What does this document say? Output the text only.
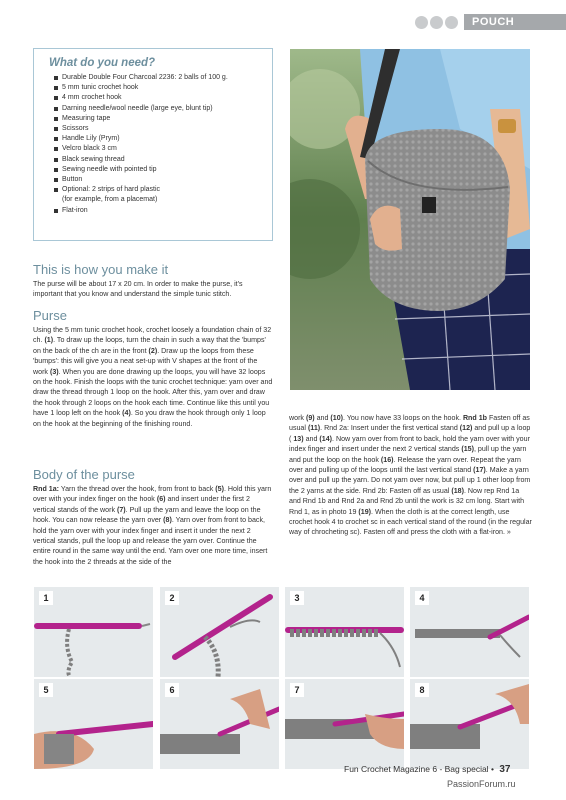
POUCH
What do you need?
Durable Double Four Charcoal 2236: 2 balls of 100 g.
5 mm tunic crochet hook
4 mm crochet hook
Darning needle/wool needle (large eye, blunt tip)
Measuring tape
Scissors
Handle Lily (Prym)
Velcro black 3 cm
Black sewing thread
Sewing needle with pointed tip
Button
Optional: 2 strips of hard plastic
(for example, from a placemat)
Flat-iron
This is how you make it
The purse will be about 17 x 20 cm. In order to make the purse, it's important that you know and understand the simple tunic stitch.
Purse
Using the 5 mm tunic crochet hook, crochet loosely a foundation chain of 32 ch. (1). To draw up the loops, turn the chain in such a way that the 'bumps' on the back of the ch are in the front (2). Draw up the loops from these 'bumps': this will give you a neat set-up with V shapes at the front of the work (3). When you are done drawing up the loops, you will have 32 loops on the hook. Finish the loops with the tunic crochet technique: yarn over and draw the thread through 1 loop on the hook. After this, yarn over and draw the hook through 2 loops on the hook each time. Continue like this until you have 1 loop left on the hook (4). So you draw the hook through only 1 loop on the hook at the beginning of the finishing round.
Body of the purse
Rnd 1a: Yarn the thread over the hook, from front to back (5). Hold this yarn over with your index finger on the hook (6) and insert under the first 2 vertical stands of the work (7). Pull up the yarn and leave the loop on the hook. You can now release the yarn over (8). Yarn over from front to back, hold the yarn over with your index finger and insert it under the next 2 vertical stands, pull the loop up and release the yarn over. Continue the entire round in the same way until the end. Yarn over one more time, insert the hook into the 2 threads at the side of the
work (9) and (10). You now have 33 loops on the hook. Rnd 1b Fasten off as usual (11). Rnd 2a: Insert under the first vertical stand (12) and pull up a loop ( 13) and (14). Now yarn over from front to back, hold the yarn over with your index finger and insert under the next 2 vertical stands (15), pull up the yarn and put the loop on the hook (16). Release the yarn over. Repeat the yarn over and pulling up of the loops until the last vertical stand (17). Make a yarn over and pull up the yarn. Do not yarn over now, but pull up 1 other loop from the 2 yarns at the side. Rnd 2b: Fasten off as usual (18). Now rep Rnd 1a and Rnd 1b and Rnd 2a and Rnd 2b until the work is 32 cm long. Start with Rnd 1, as in photo 19 (19). When the cloth is at the correct length, use crochet hook 4 to crochet sc in each vertical stand of the round (in the regular way of chrocheting sc). Fasten off and press the cloth with a flat-iron. »
1	2	3	4
5	6	7	8
Fun Crochet Magazine 6 - Bag special • 37
PassionForum.ru
